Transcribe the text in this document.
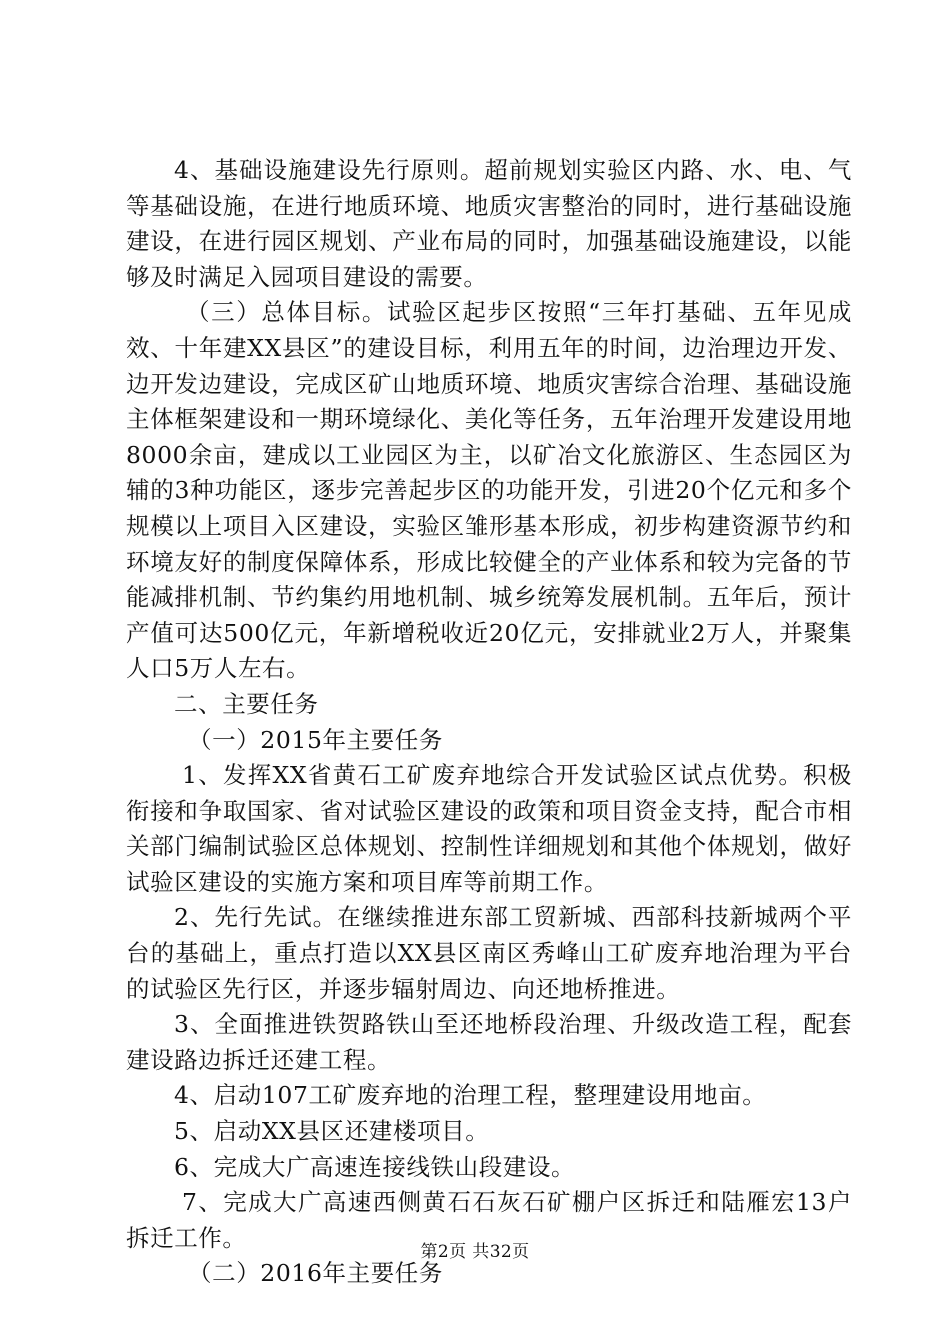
4、基础设施建设先行原则。超前规划实验区内路、水、电、气等基础设施，在进行地质环境、地质灾害整治的同时，进行基础设施建设，在进行园区规划、产业布局的同时，加强基础设施建设，以能够及时满足入园项目建设的需要。

（三）总体目标。试验区起步区按照“三年打基础、五年见成效、十年建XX县区”的建设目标，利用五年的时间，边治理边开发、边开发边建设，完成区矿山地质环境、地质灾害综合治理、基础设施主体框架建设和一期环境绿化、美化等任务，五年治理开发建设用地8000余亩，建成以工业园区为主，以矿冶文化旅游区、生态园区为辅的3种功能区，逐步完善起步区的功能开发，引进20个亿元和多个规模以上项目入区建设，实验区雏形基本形成，初步构建资源节约和环境友好的制度保障体系，形成比较健全的产业体系和较为完备的节能减排机制、节约集约用地机制、城乡统筹发展机制。五年后，预计产值可达500亿元，年新增税收近20亿元，安排就业2万人，并聚集人口5万人左右。

二、主要任务

（一）2015年主要任务

1、发挥XX省黄石工矿废弃地综合开发试验区试点优势。积极衔接和争取国家、省对试验区建设的政策和项目资金支持，配合市相关部门编制试验区总体规划、控制性详细规划和其他个体规划，做好试验区建设的实施方案和项目库等前期工作。

2、先行先试。在继续推进东部工贸新城、西部科技新城两个平台的基础上，重点打造以XX县区南区秀峰山工矿废弃地治理为平台的试验区先行区，并逐步辐射周边、向还地桥推进。

3、全面推进铁贺路铁山至还地桥段治理、升级改造工程，配套建设路边拆迁还建工程。

4、启动107工矿废弃地的治理工程，整理建设用地亩。

5、启动XX县区还建楼项目。

6、完成大广高速连接线铁山段建设。

7、完成大广高速西侧黄石石灰石矿棚户区拆迁和陆雁宏13户拆迁工作。

（二）2016年主要任务

第2页 共32页
